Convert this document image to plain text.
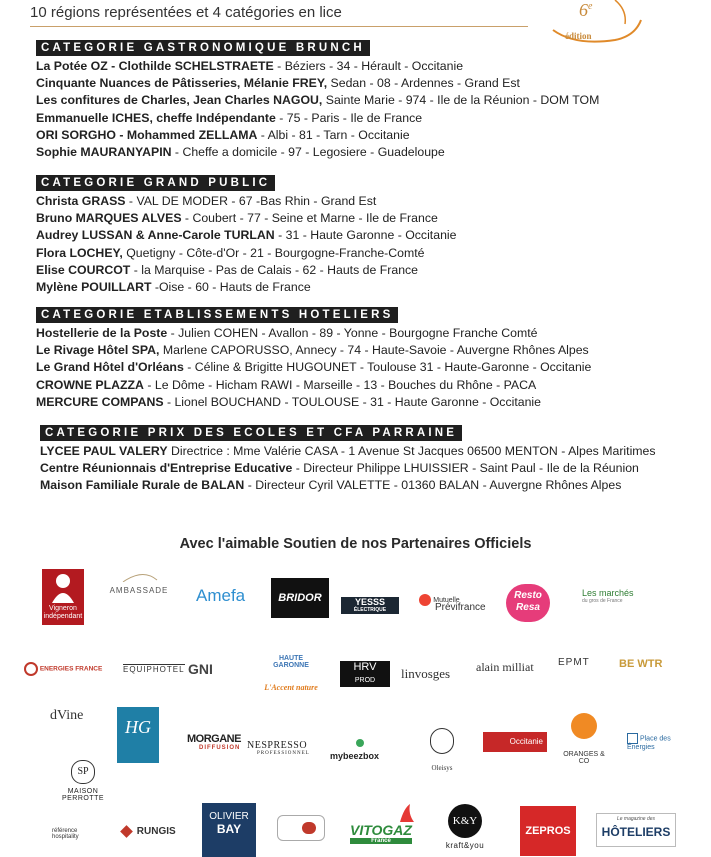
10 régions représentées et 4 catégories en lice	6e
édition
CATEGORIE GASTRONOMIQUE BRUNCH
La Potée OZ - Clothilde SCHELSTRAETE - Béziers - 34 - Hérault - Occitanie
Cinquante Nuances de Pâtisseries, Mélanie FREY, Sedan - 08 - Ardennes - Grand Est
Les confitures de Charles, Jean Charles NAGOU, Sainte Marie - 974 - Ile de la Réunion - DOM TOM
Emmanuelle ICHES, cheffe Indépendante - 75 - Paris - Ile de France
ORI SORGHO - Mohammed ZELLAMA - Albi - 81 - Tarn - Occitanie
Sophie MAURANYAPIN - Cheffe a domicile - 97 - Legosiere - Guadeloupe
CATEGORIE GRAND PUBLIC
Christa GRASS - VAL DE MODER - 67 -Bas Rhin - Grand Est
Bruno MARQUES ALVES - Coubert - 77 - Seine et Marne - Ile de France
Audrey LUSSAN & Anne-Carole TURLAN - 31 - Haute Garonne - Occitanie
Flora LOCHEY, Quetigny - Côte-d'Or - 21 - Bourgogne-Franche-Comté
Elise COURCOT - la Marquise - Pas de Calais - 62 - Hauts de France
Mylène POUILLART -Oise - 60 - Hauts de France
CATEGORIE ETABLISSEMENTS HOTELIERS
Hostellerie de la Poste - Julien COHEN - Avallon - 89 - Yonne - Bourgogne Franche Comté
Le Rivage Hôtel SPA, Marlene CAPORUSSO, Annecy - 74 - Haute-Savoie - Auvergne Rhônes Alpes
Le Grand Hôtel d'Orléans - Céline & Brigitte HUGOUNET - Toulouse 31 - Haute-Garonne - Occitanie
CROWNE PLAZZA - Le Dôme - Hicham RAWI - Marseille - 13 - Bouches du Rhône - PACA
MERCURE COMPANS - Lionel BOUCHAND - TOULOUSE - 31 - Haute Garonne - Occitanie
CATEGORIE PRIX DES ECOLES ET CFA PARRAINE
LYCEE PAUL VALERY Directrice : Mme Valérie CASA - 1 Avenue St Jacques 06500 MENTON - Alpes Maritimes
Centre Réunionnais d'Entreprise Educative - Directeur Philippe LHUISSIER - Saint Paul - Ile de la Réunion
Maison Familiale Rurale de BALAN - Directeur Cyril VALETTE - 01360 BALAN - Auvergne Rhônes Alpes
Avec l'aimable Soutien de nos Partenaires Officiels
Vigneron indépendant
AMBASSADE	Amefa	BRIDOR	YESSS
ÉLECTRIQUE
Mutuelle
Prévifrance
Resto Resa
Les marchés
du gros de France
ENERGIES FRANCE	EQUIPHOTEL GNI
HAUTE GARONNE
L'Accent nature
HRV
PROD	linvosges alain milliat EPMT	BE WTR
dVine
HG
MORGANE
DIFFUSION NESPRESSO
PROFESSIONNEL mybeezbox
Oleisys
Occitanie
ORANGES & CO
Place des Énergies
SP
MAISON PERROTTE
référence hospitality	RUNGIS
OLIVIER
BAY	VITOGAZ
France
K&Y
kraft&you
ZEPROS
Le magazine des
HÔTELIERS
